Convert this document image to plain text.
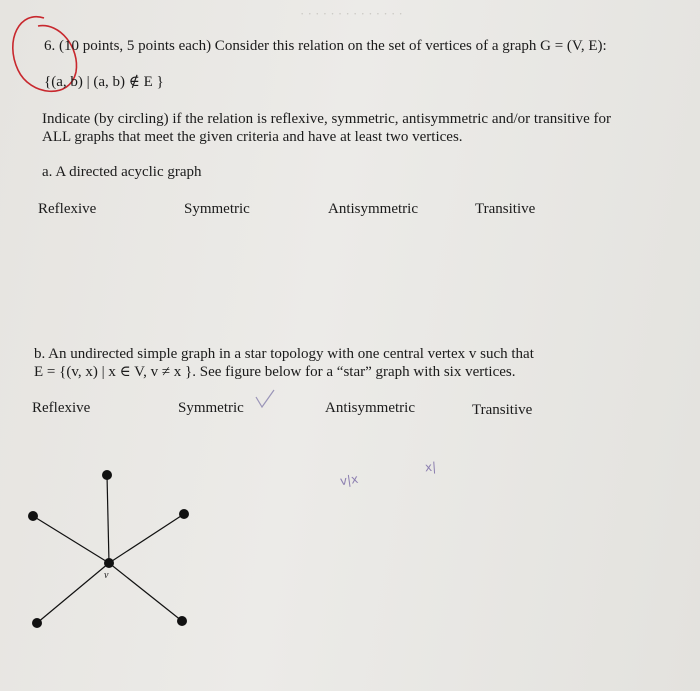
· · · · · · · · · · · · · ·
6. (10 points, 5 points each) Consider this relation on the set of vertices of a graph G = (V, E):
{(a, b) | (a, b) ∉ E }
Indicate (by circling) if the relation is reflexive, symmetric, antisymmetric and/or transitive for
ALL graphs that meet the given criteria and have at least two vertices.
a. A directed acyclic graph
Reflexive	Symmetric	Antisymmetric	Transitive
b. An undirected simple graph in a star topology with one central vertex v such that
E = {(v, x) | x ∈ V, v ≠ x }. See figure below for a “star” graph with six vertices.
Reflexive	Symmetric	Antisymmetric	Transitive
v|x
x|
v
